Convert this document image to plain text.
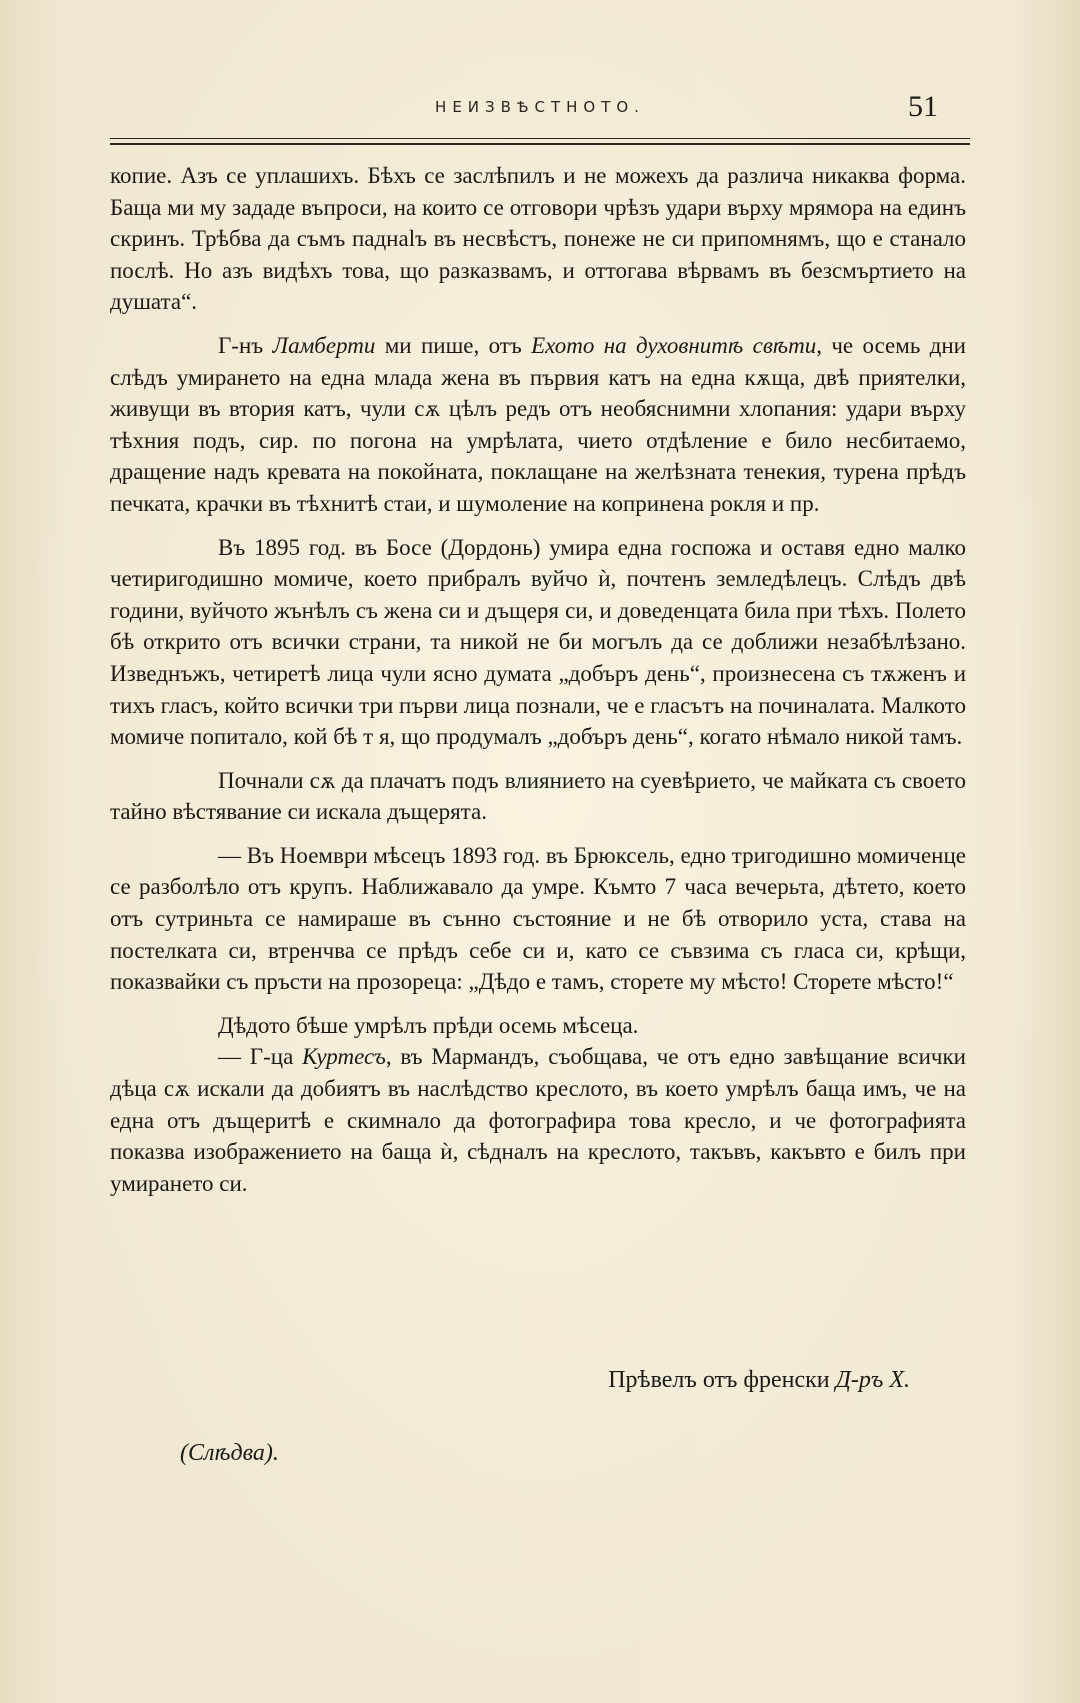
НЕИЗВѢСТНОТО.	51

копие. Азъ се уплашихъ. Бѣхъ се заслѣпилъ и не можехъ да различа никаква форма. Баща ми му зададе въпроси, на които се отговори чрѣзъ удари върху мрямора на единъ скринъ. Трѣбва да съмъ паднalъ въ несвѣстъ, понеже не си припомнямъ, що е станало послѣ. Но азъ видѣхъ това, що разказвамъ, и оттогава вѣрвамъ въ безсмъртието на душата“.

Г-нъ Ламберти ми пише, отъ Ехото на духовнитѣ свѣти, че осемь дни слѣдъ умирането на една млада жена въ първия катъ на една кѫща, двѣ приятелки, живущи въ втория катъ, чули сѫ цѣлъ редъ отъ необяснимни хлопания: удари върху тѣхния подъ, сир. по погона на умрѣлата, чието отдѣление е било несбитаемо, дращение надъ кревата на покойната, поклащане на желѣзната тенекия, турена прѣдъ печката, крачки въ тѣхнитѣ стаи, и шумоление на копринена рокля и пр.

Въ 1895 год. въ Босе (Дордонь) умира една госпожа и оставя едно малко четиригодишно момиче, което прибралъ вуйчо ѝ, почтенъ земледѣлецъ. Слѣдъ двѣ години, вуйчото жънѣлъ съ жена си и дъщеря си, и доведенцата била при тѣхъ. Полето бѣ открито отъ всички страни, та никой не би могълъ да се доближи незабѣлѣзано. Изведнъжъ, четиретѣ лица чули ясно думата „добъръ день“, произнесена съ тѫженъ и тихъ гласъ, който всички три първи лица познали, че е гласътъ на починалата. Малкото момиче попитало, кой бѣ т я, що продумалъ „добъръ день“, когато нѣмало никой тамъ.

Почнали сѫ да плачатъ подъ влиянието на суевѣрието, че майката съ своето тайно вѣстявание си искала дъщерята.

— Въ Ноември мѣсецъ 1893 год. въ Брюксель, едно тригодишно момиченце се разболѣло отъ крупъ. Наближавало да умре. Къмто 7 часа вечерьта, дѣтето, което отъ сутриньта се намираше въ сънно състояние и не бѣ отворило уста, става на постелката си, втренчва се прѣдъ себе си и, като се съвзима съ гласа си, крѣщи, показвайки съ пръсти на прозореца: „Дѣдо е тамъ, сторете му мѣсто! Сторете мѣсто!“

Дѣдото бѣше умрѣлъ прѣди осемь мѣсеца.

— Г-ца Куртесъ, въ Мармандъ, съобщава, че отъ едно завѣщание всички дѣца сѫ искали да добиятъ въ наслѣдство креслото, въ което умрѣлъ баща имъ, че на една отъ дъщеритѣ е скимнало да фотографира това кресло, и че фотографията показва изображението на баща ѝ, сѣдналъ на креслото, такъвъ, какъвто е билъ при умирането си.

Прѣвелъ отъ френски Д-ръ Х.
(Слѣдва).
